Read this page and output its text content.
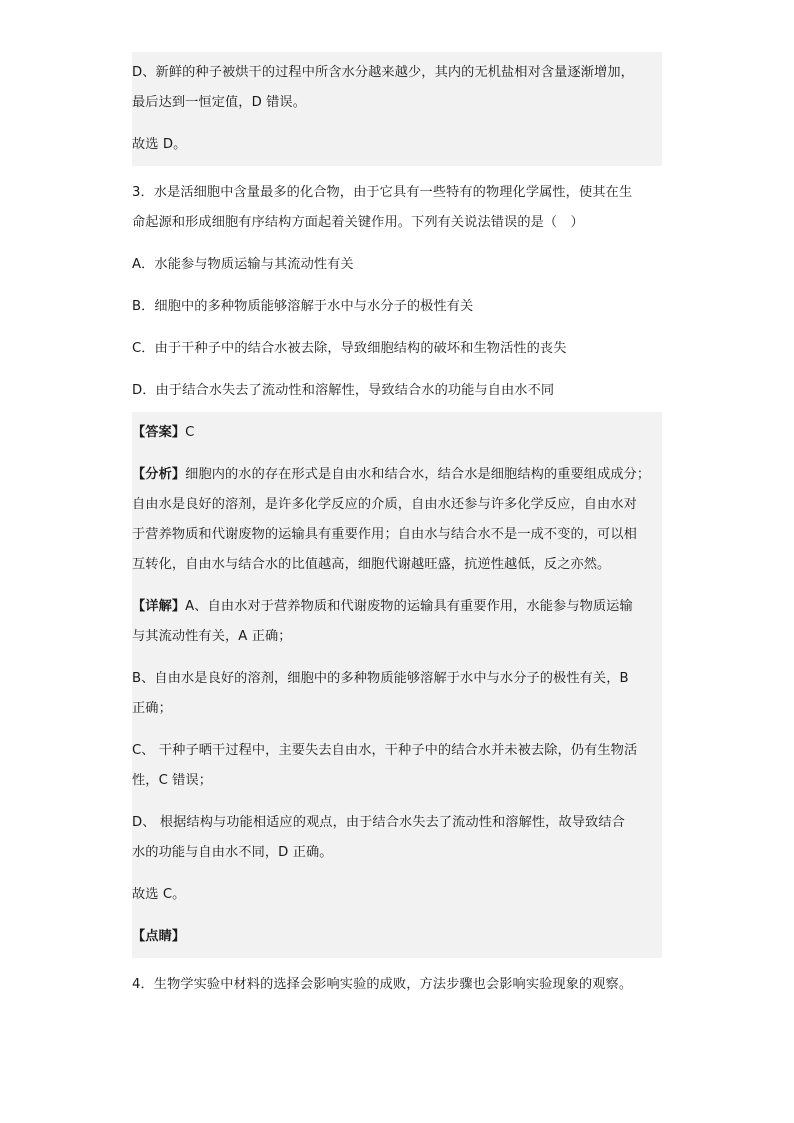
D、新鲜的种子被烘干的过程中所含水分越来越少，其内的无机盐相对含量逐渐增加，
最后达到一恒定值，D 错误。
故选 D。
3．水是活细胞中含量最多的化合物，由于它具有一些特有的物理化学属性，使其在生
命起源和形成细胞有序结构方面起着关键作用。下列有关说法错误的是（　）
A．水能参与物质运输与其流动性有关
B．细胞中的多种物质能够溶解于水中与水分子的极性有关
C．由于干种子中的结合水被去除，导致细胞结构的破坏和生物活性的丧失
D．由于结合水失去了流动性和溶解性，导致结合水的功能与自由水不同
【答案】C
【分析】细胞内的水的存在形式是自由水和结合水，结合水是细胞结构的重要组成成分；
自由水是良好的溶剂，是许多化学反应的介质，自由水还参与许多化学反应，自由水对
于营养物质和代谢废物的运输具有重要作用；自由水与结合水不是一成不变的，可以相
互转化，自由水与结合水的比值越高，细胞代谢越旺盛，抗逆性越低，反之亦然。
【详解】A、自由水对于营养物质和代谢废物的运输具有重要作用，水能参与物质运输
与其流动性有关，A 正确；
B、自由水是良好的溶剂，细胞中的多种物质能够溶解于水中与水分子的极性有关，B
正确；
C、 干种子晒干过程中，主要失去自由水，干种子中的结合水并未被去除，仍有生物活
性，C 错误；
D、 根据结构与功能相适应的观点，由于结合水失去了流动性和溶解性，故导致结合
水的功能与自由水不同，D 正确。
故选 C。
【点睛】
4．生物学实验中材料的选择会影响实验的成败，方法步骤也会影响实验现象的观察。
